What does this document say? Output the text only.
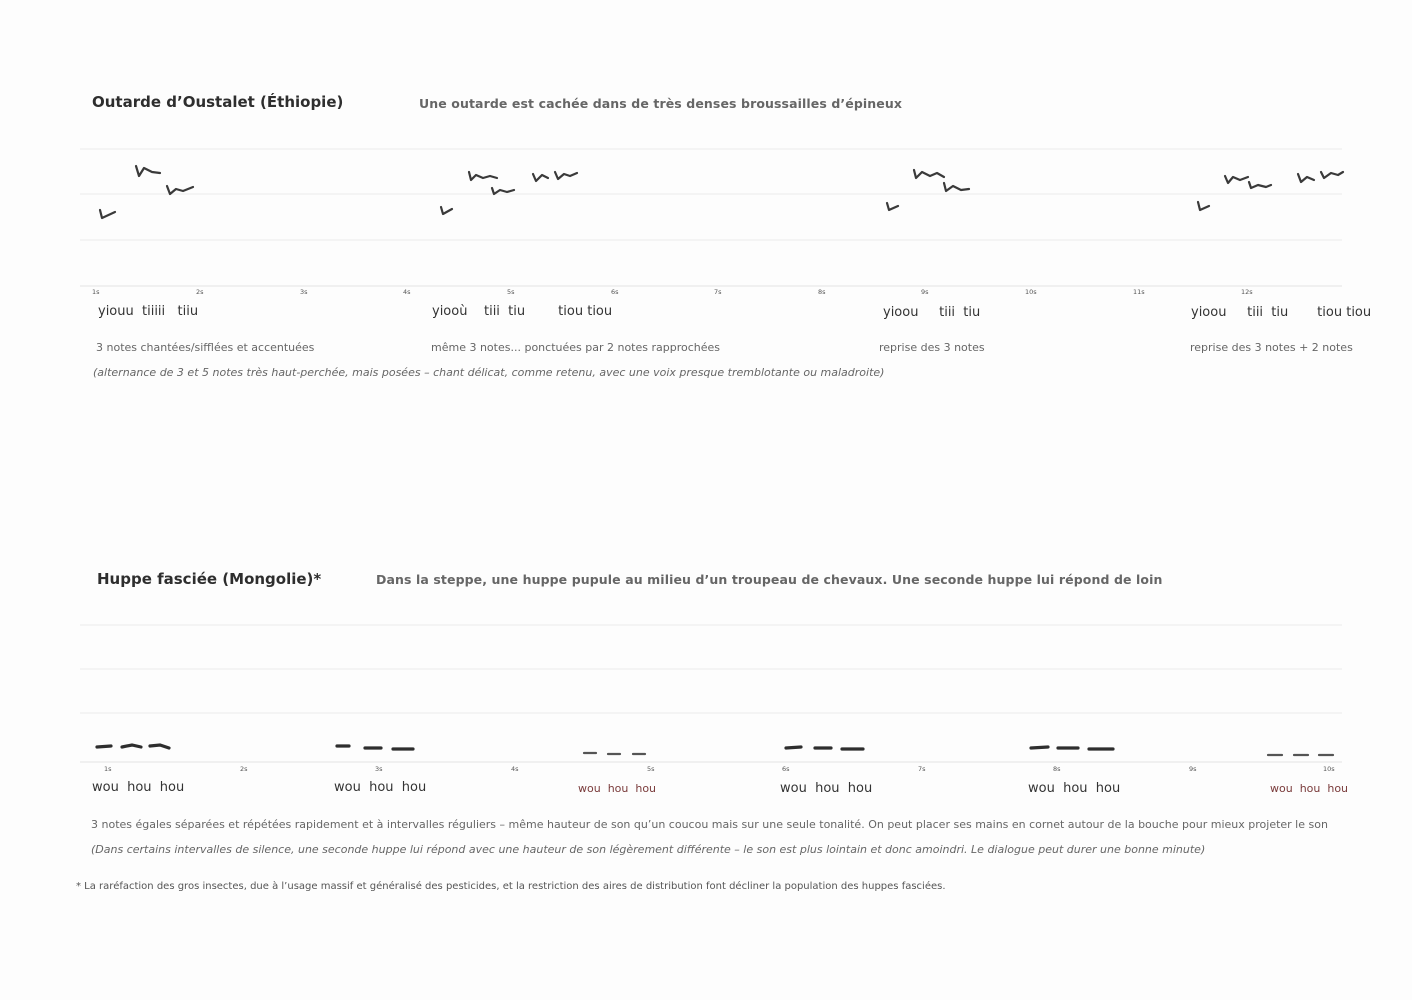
Outarde d’Oustalet (Éthiopie)	Une outarde est cachée dans de très denses broussailles d’épineux
1s	2s	3s	4s	5s	6s	7s	8s	9s	10s	11s	12s
yiouu  tiiiii   tiiu	yiooù    tiii  tiu        tiou tiou	yioou     tiii  tiu	yioou     tiii  tiu       tiou tiou
3 notes chantées/sifflées et accentuées	même 3 notes... ponctuées par 2 notes rapprochées	reprise des 3 notes	reprise des 3 notes + 2 notes
(alternance de 3 et 5 notes très haut-perchée, mais posées – chant délicat, comme retenu, avec une voix presque tremblotante ou maladroite)
Huppe fasciée (Mongolie)*	Dans la steppe, une huppe pupule au milieu d’un troupeau de chevaux. Une seconde huppe lui répond de loin
1s	2s	3s	4s	5s	6s	7s	8s	9s	10s
wou  hou  hou	wou  hou  hou	wou  hou  hou	wou  hou  hou	wou  hou  hou	wou  hou  hou
3 notes égales séparées et répétées rapidement et à intervalles réguliers – même hauteur de son qu’un coucou mais sur une seule tonalité. On peut placer ses mains en cornet autour de la bouche pour mieux projeter le son
(Dans certains intervalles de silence, une seconde huppe lui répond avec une hauteur de son légèrement différente – le son est plus lointain et donc amoindri. Le dialogue peut durer une bonne minute)
* La raréfaction des gros insectes, due à l’usage massif et généralisé des pesticides, et la restriction des aires de distribution font décliner la population des huppes fasciées.
